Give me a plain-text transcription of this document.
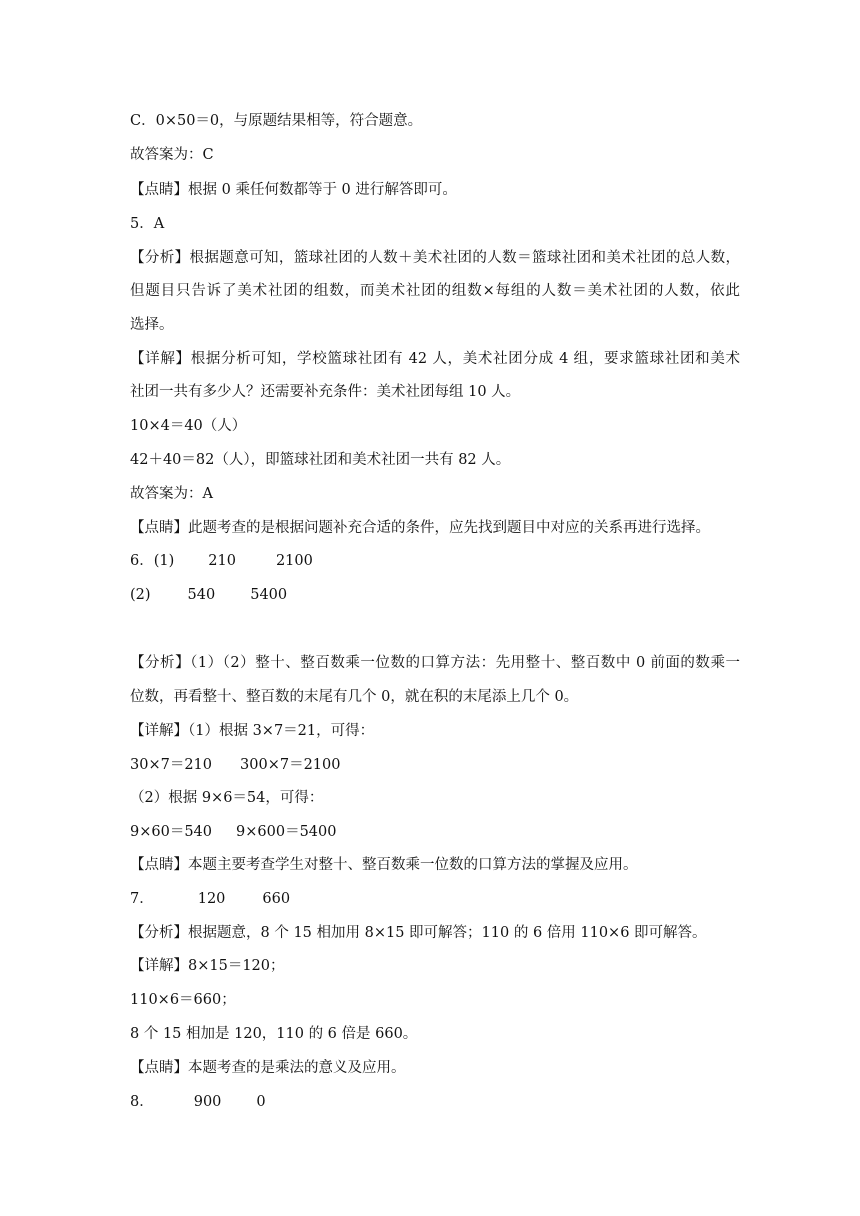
C．0×50＝0，与原题结果相等，符合题意。
故答案为：C
【点睛】根据 0 乘任何数都等于 0 进行解答即可。
5．A
【分析】根据题意可知，篮球社团的人数＋美术社团的人数＝篮球社团和美术社团的总人数，
但题目只告诉了美术社团的组数，而美术社团的组数×每组的人数＝美术社团的人数，依此
选择。
【详解】根据分析可知，学校篮球社团有 42 人，美术社团分成 4 组，要求篮球社团和美术
社团一共有多少人？还需要补充条件：美术社团每组 10 人。
10×4＝40（人）
42＋40＝82（人），即篮球社团和美术社团一共有 82 人。
故答案为：A
【点睛】此题考查的是根据问题补充合适的条件，应先找到题目中对应的关系再进行选择。
6．(1) 210	2100
(2)	540 5400
【分析】（1）（2）整十、整百数乘一位数的口算方法：先用整十、整百数中 0 前面的数乘一
位数，再看整十、整百数的末尾有几个 0，就在积的末尾添上几个 0。
【详解】（1）根据 3×7＝21，可得：
30×7＝210 300×7＝2100
（2）根据 9×6＝54，可得：
9×60＝540 9×600＝5400
【点睛】本题主要考查学生对整十、整百数乘一位数的口算方法的掌握及应用。
7．	120	660
【分析】根据题意，8 个 15 相加用 8×15 即可解答；110 的 6 倍用 110×6 即可解答。
【详解】8×15＝120；
110×6＝660；
8 个 15 相加是 120，110 的 6 倍是 660。
【点睛】本题考查的是乘法的意义及应用。
8．	900 0
